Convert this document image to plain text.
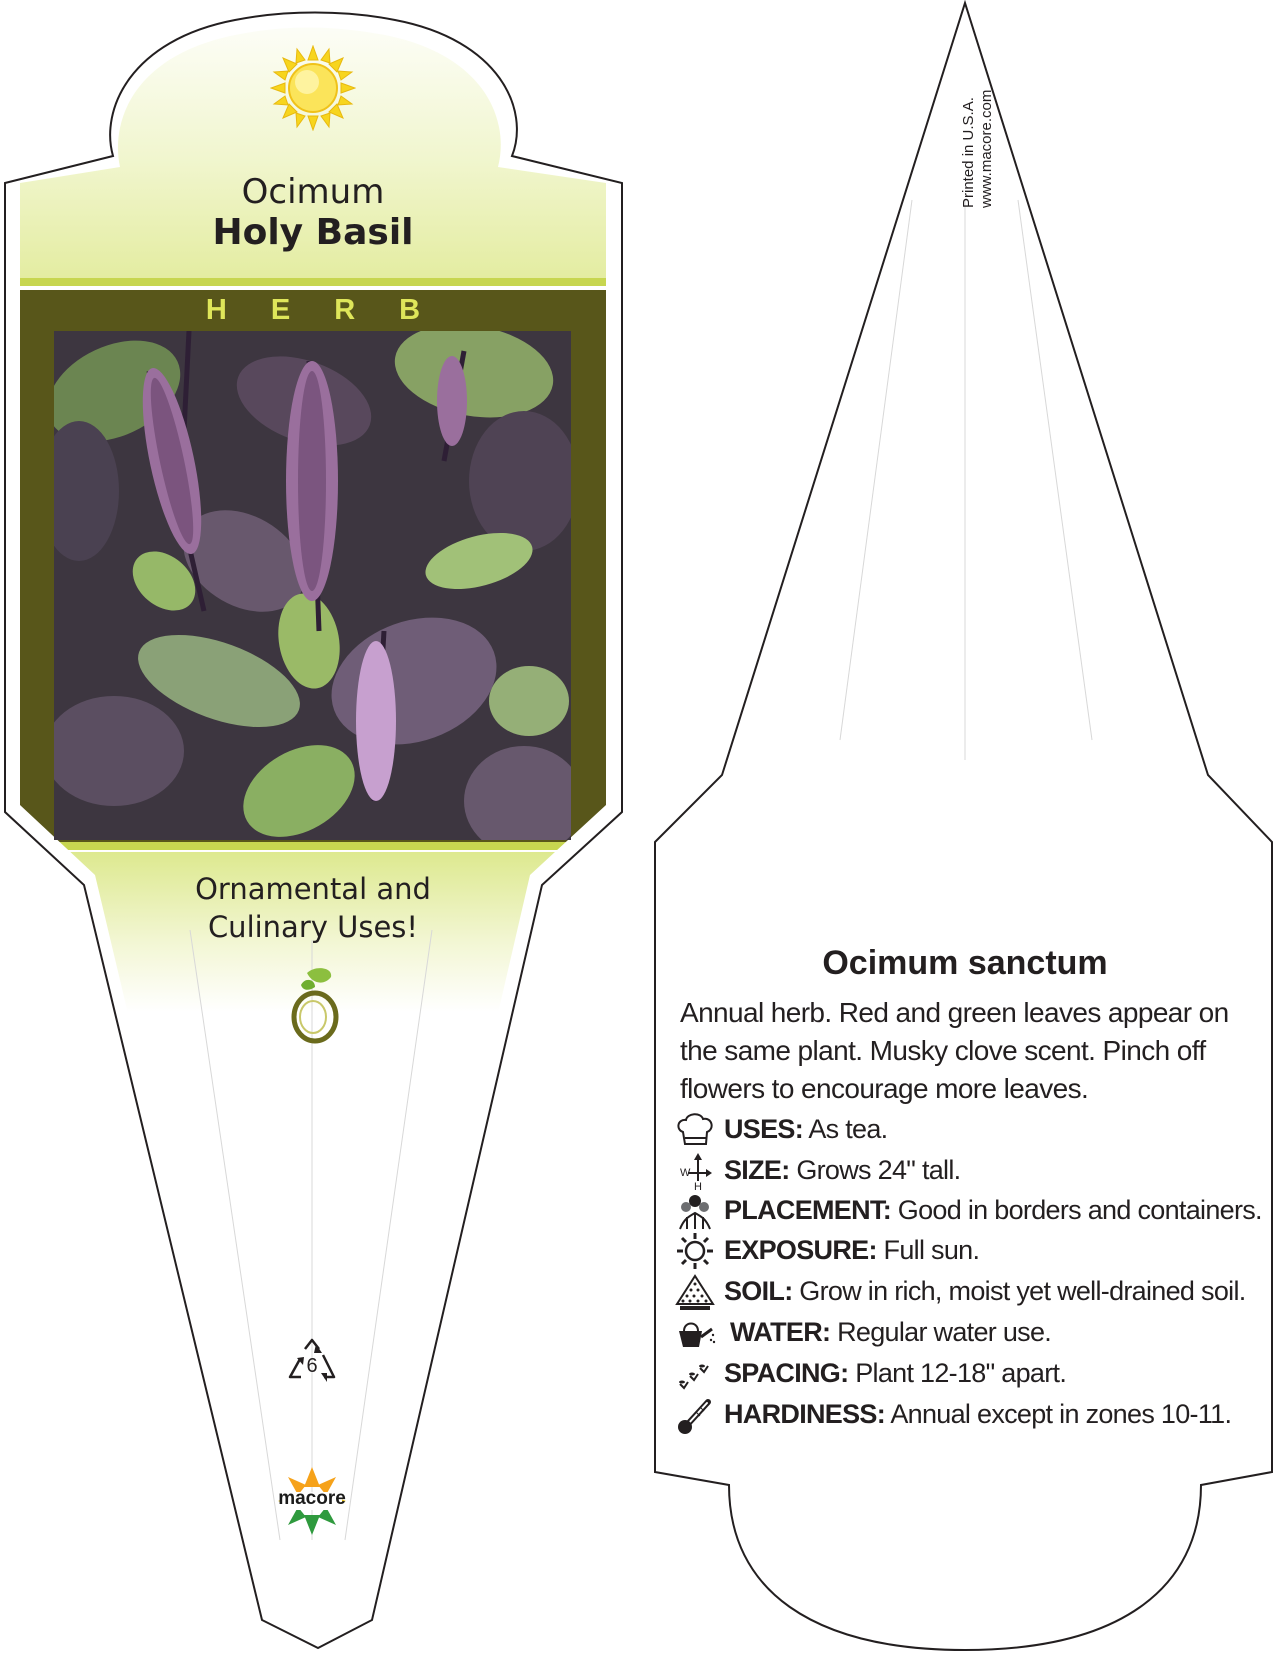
Ocimum
Holy Basil
HERB
Ornamental and
Culinary Uses!
6
macore
Printed in U.S.A. www.macore.com
Ocimum sanctum
Annual herb. Red and green leaves appear on the same plant. Musky clove scent. Pinch off flowers to encourage more leaves.
USES: As tea.
W
H
SIZE: Grows 24" tall.
PLACEMENT: Good in borders and containers.
EXPOSURE: Full sun.
SOIL: Grow in rich, moist yet well-drained soil.
WATER: Regular water use.
SPACING: Plant 12-18" apart.
HARDINESS: Annual except in zones 10-11.
